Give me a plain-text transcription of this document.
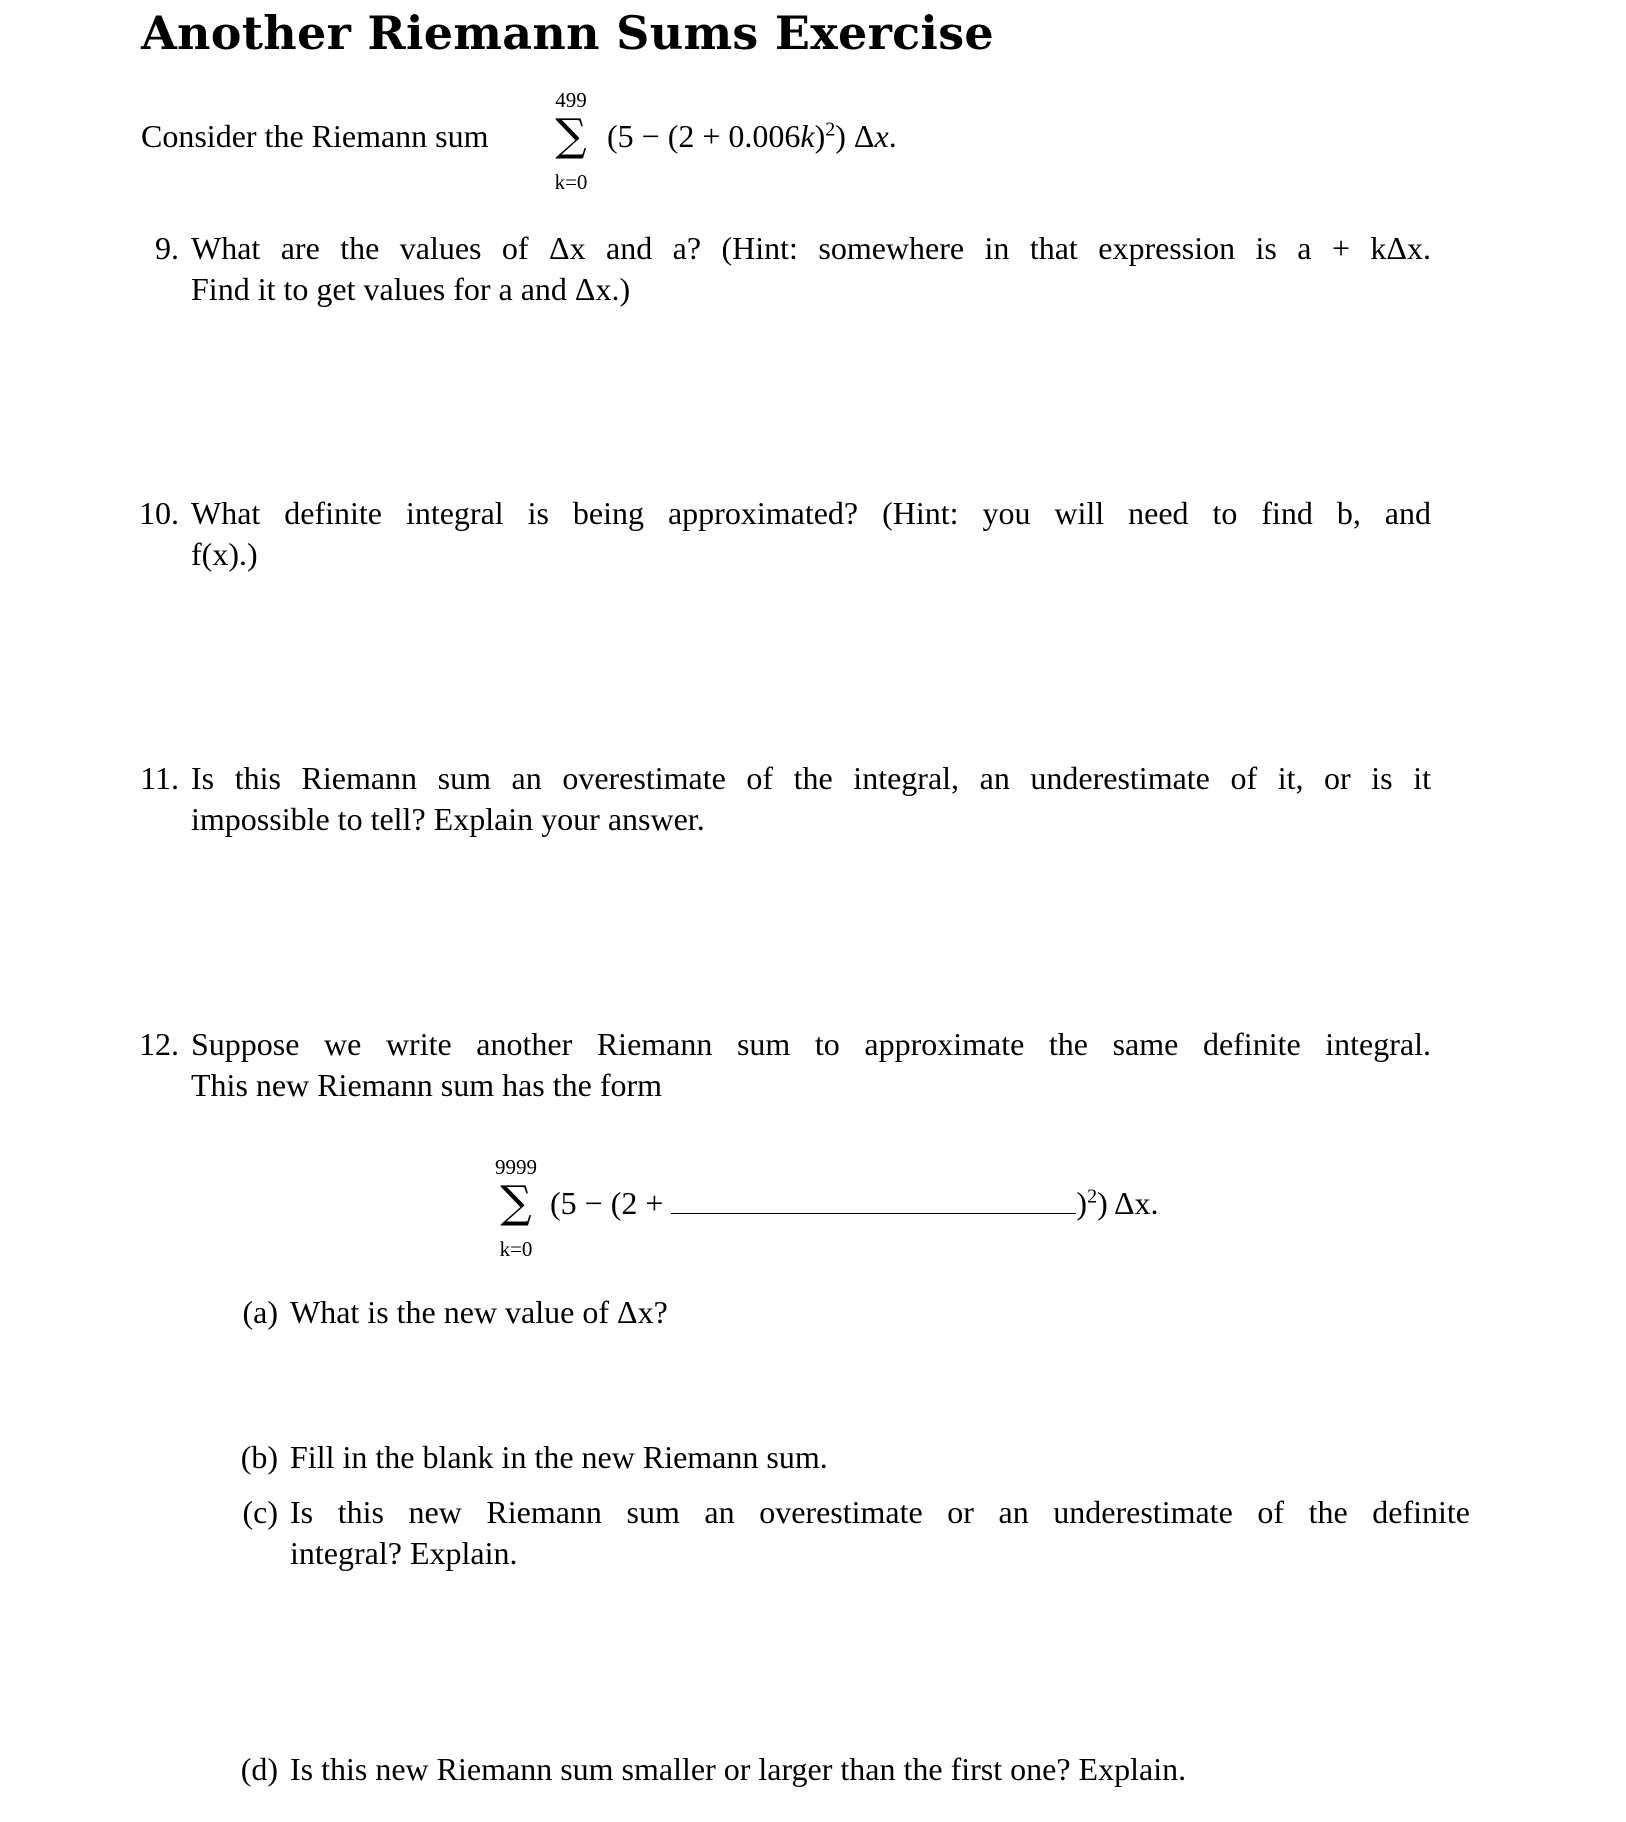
Another Riemann Sums Exercise
Consider the Riemann sum
499
∑
k=0
$(5 - (2 + 0.006k)^2)$ Δx.
9. What are the values of Δx and a? (Hint: somewhere in that expression is a + kΔx.
Find it to get values for a and Δx.)
10. What definite integral is being approximated? (Hint: you will need to find b, and
f(x).)
11. Is this Riemann sum an overestimate of the integral, an underestimate of it, or is it
impossible to tell? Explain your answer.
12. Suppose we write another Riemann sum to approximate the same definite integral.
This new Riemann sum has the form
9999
∑
k=0
(5 − (2 +	)$^2$) Δx.
(a) What is the new value of Δx?
(b) Fill in the blank in the new Riemann sum.
(c) Is this new Riemann sum an overestimate or an underestimate of the definite
integral? Explain.
(d) Is this new Riemann sum smaller or larger than the first one? Explain.
